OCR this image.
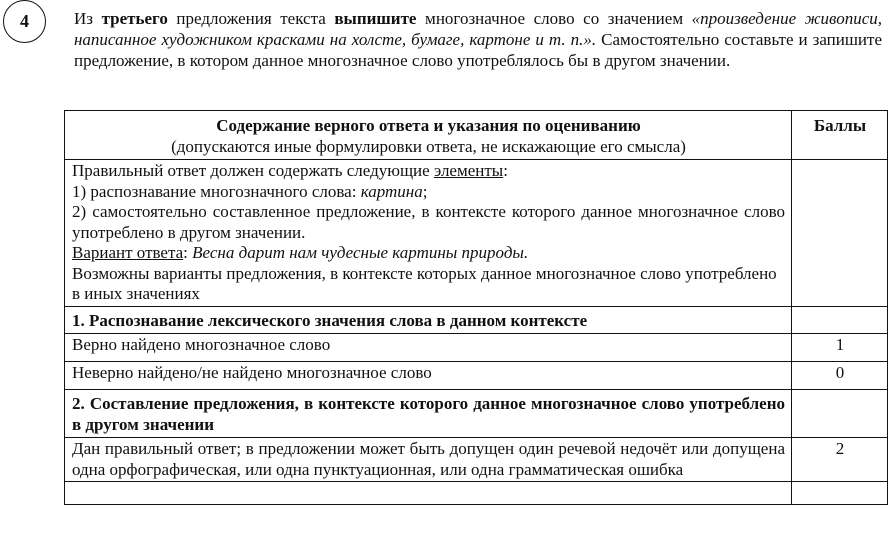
4	Из третьего предложения текста выпишите многозначное слово со значением «произведение живописи, написанное художником красками на холсте, бумаге, картоне и т. п.». Самостоятельно составьте и запишите предложение, в котором данное многозначное слово употреблялось бы в другом значении.
Содержание верного ответа и указания по оцениванию
(допускаются иные формулировки ответа, не искажающие его смысла)	Баллы

Правильный ответ должен содержать следующие элементы:
1) распознавание многозначного слова: картина;
2) самостоятельно составленное предложение, в контексте которого данное многозначное слово употреблено в другом значении.
Вариант ответа: Весна дарит нам чудесные картины природы.
Возможны варианты предложения, в контексте которых данное многозначное слово употреблено в иных значениях	

1. Распознавание лексического значения слова в данном контексте	
Верно найдено многозначное слово	1
Неверно найдено/не найдено многозначное слово	0
2. Составление предложения, в контексте которого данное многозначное слово употреблено в другом значении	
Дан правильный ответ; в предложении может быть допущен один речевой недочёт или допущена одна орфографическая, или одна пунктуационная, или одна грамматическая ошибка	2
